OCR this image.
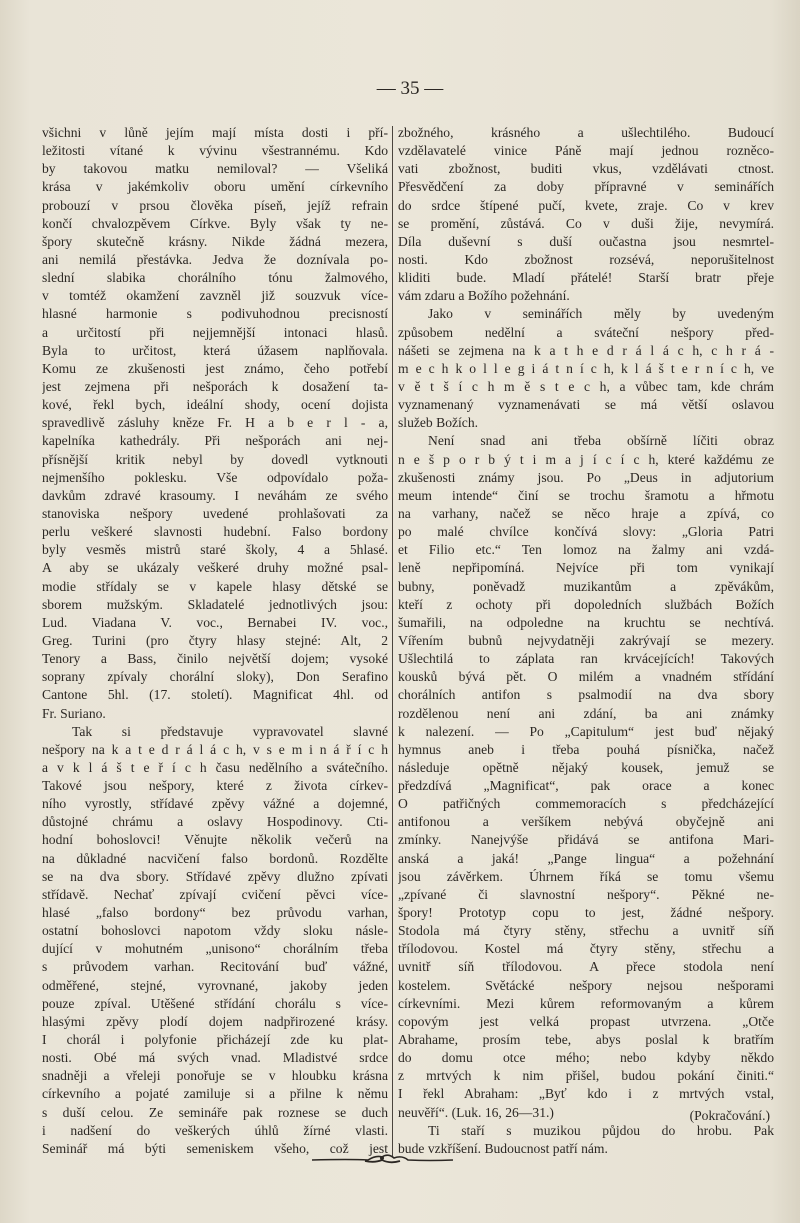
— 35 —
všichni v lůně jejím mají místa dosti i pří-
ležitosti vítané k vývinu všestrannému. Kdo
by takovou matku nemiloval? — Všeliká
krása v jakémkoliv oboru umění církevního
probouzí v prsou člověka píseň, jejíž refrain
končí chvalozpěvem Církve. Byly však ty ne-
špory skutečně krásny. Nikde žádná mezera,
ani nemilá přestávka. Jedva že doznívala po-
slední slabika chorálního tónu žalmového,
v tomtéž okamžení zavzněl již souzvuk více-
hlasné harmonie s podivuhodnou precisností
a určitostí při nejjemnější intonaci hlasů.
Byla to určitost, která úžasem naplňovala.
Komu ze zkušenosti jest známo, čeho potřebí
jest zejmena při nešporách k dosažení ta-
kové, řekl bych, ideální shody, ocení dojista
spravedlivě zásluhy kněze Fr. H a b e r l - a,
kapelníka kathedrály. Při nešporách ani nej-
přísnější kritik nebyl by dovedl vytknouti
nejmenšího poklesku. Vše odpovídalo poža-
davkům zdravé krasoumy. I neváhám ze svého
stanoviska nešpory uvedené prohlašovati za
perlu veškeré slavnosti hudební. Falso bordony
byly vesměs mistrů staré školy, 4 a 5hlasé.
A aby se ukázaly veškeré druhy možné psal-
modie střídaly se v kapele hlasy dětské se
sborem mužským. Skladatelé jednotlivých jsou:
Lud. Viadana V. voc., Bernabei IV. voc.,
Greg. Turini (pro čtyry hlasy stejné: Alt, 2
Tenory a Bass, činilo největší dojem; vysoké
soprany zpívaly chorální sloky), Don Serafino
Cantone 5hl. (17. století). Magnificat 4hl. od
Fr. Suriano.
Tak si představuje vypravovatel slavné
nešpory na k a t e d r á l á c h, v s e m i n á ř í c h
a v k l á š t e ř í c h času nedělního a svátečního.
Takové jsou nešpory, které z života církev-
ního vyrostly, střídavé zpěvy vážné a dojemné,
důstojné chrámu a oslavy Hospodinovy. Cti-
hodní bohoslovci! Věnujte několik večerů na
na důkladné nacvičení falso bordonů. Rozdělte
se na dva sbory. Střídavé zpěvy dlužno zpívati
střídavě. Nechať zpívají cvičení pěvci více-
hlasé „falso bordony“ bez průvodu varhan,
ostatní bohoslovci napotom vždy sloku násle-
dující v mohutném „unisono“ chorálním třeba
s průvodem varhan. Recitování buď vážné,
odměřené, stejné, vyrovnané, jakoby jeden
pouze zpíval. Utěšené střídání chorálu s více-
hlasými zpěvy plodí dojem nadpřirozené krásy.
I chorál i polyfonie přicházejí zde ku plat-
nosti. Obé má svých vnad. Mladistvé srdce
snadněji a vřeleji ponořuje se v hloubku krásna
církevního a pojaté zamiluje si a přilne k němu
s duší celou. Ze semináře pak roznese se duch
i nadšení do veškerých úhlů žírné vlasti.
Seminář má býti semeniskem všeho, což jest
zbožného, krásného a ušlechtilého. Budoucí
vzdělavatelé vinice Páně mají jednou rozněco-
vati zbožnost, buditi vkus, vzdělávati ctnost.
Přesvědčení za doby přípravné v seminářích
do srdce štípené pučí, kvete, zraje. Co v krev
se promění, zůstává. Co v duši žije, nevymírá.
Díla duševní s duší oučastna jsou nesmrtel-
nosti. Kdo zbožnost rozsévá, neporušitelnost
kliditi bude. Mladí přátelé! Starší bratr přeje
vám zdaru a Božího požehnání.
Jako v seminářích měly by uvedeným
způsobem nedělní a sváteční nešpory před-
nášeti se zejmena na k a t h e d r á l á c h, c h r á -
m e c h k o l l e g i á t n í c h, k l á š t e r n í c h, ve
v ě t š í c h m ě s t e c h, a vůbec tam, kde chrám
vyznamenaný vyznamenávati se má větší oslavou
služeb Božích.
Není snad ani třeba obšírně líčiti obraz
n e š p o r b ý t i m a j í c í c h, které každému ze
zkušenosti známy jsou. Po „Deus in adjutorium
meum intende“ činí se trochu šramotu a hřmotu
na varhany, načež se něco hraje a zpívá, co
po malé chvílce končívá slovy: „Gloria Patri
et Filio etc.“ Ten lomoz na žalmy ani vzdá-
leně nepřipomíná. Nejvíce při tom vynikají
bubny, poněvadž muzikantům a zpěvákům,
kteří z ochoty při dopoledních službách Božích
šumařili, na odpoledne na kruchtu se nechtívá.
Vířením bubnů nejvydatněji zakrývají se mezery.
Ušlechtilá to záplata ran krvácejících! Takových
kousků bývá pět. O milém a vnadném střídání
chorálních antifon s psalmodií na dva sbory
rozdělenou není ani zdání, ba ani známky
k nalezení. — Po „Capitulum“ jest buď nějaký
hymnus aneb i třeba pouhá písnička, načež
následuje opětně nějaký kousek, jemuž se
předzdívá „Magnificat“, pak orace a konec
O patřičných commemoracích s předcházející
antifonou a veršíkem nebývá obyčejně ani
zmínky. Nanejvýše přidává se antifona Mari-
anská a jaká! „Pange lingua“ a požehnání
jsou závěrkem. Úhrnem říká se tomu všemu
„zpívané či slavnostní nešpory“. Pěkné ne-
špory! Prototyp copu to jest, žádné nešpory.
Stodola má čtyry stěny, střechu a uvnitř síň
třílodovou. Kostel má čtyry stěny, střechu a
uvnitř síň třílodovou. A přece stodola není
kostelem. Světácké nešpory nejsou nešporami
církevními. Mezi kůrem reformovaným a kůrem
copovým jest velká propast utvrzena. „Otče
Abrahame, prosím tebe, abys poslal k bratřím
do domu otce mého; nebo kdyby někdo
z mrtvých k nim přišel, budou pokání činiti.“
I řekl Abraham: „Byť kdo i z mrtvých vstal,
neuvěří“. (Luk. 16, 26—31.)
Ti staří s muzikou půjdou do hrobu. Pak
bude vzkříšení. Budoucnost patří nám.
(Pokračování.)
